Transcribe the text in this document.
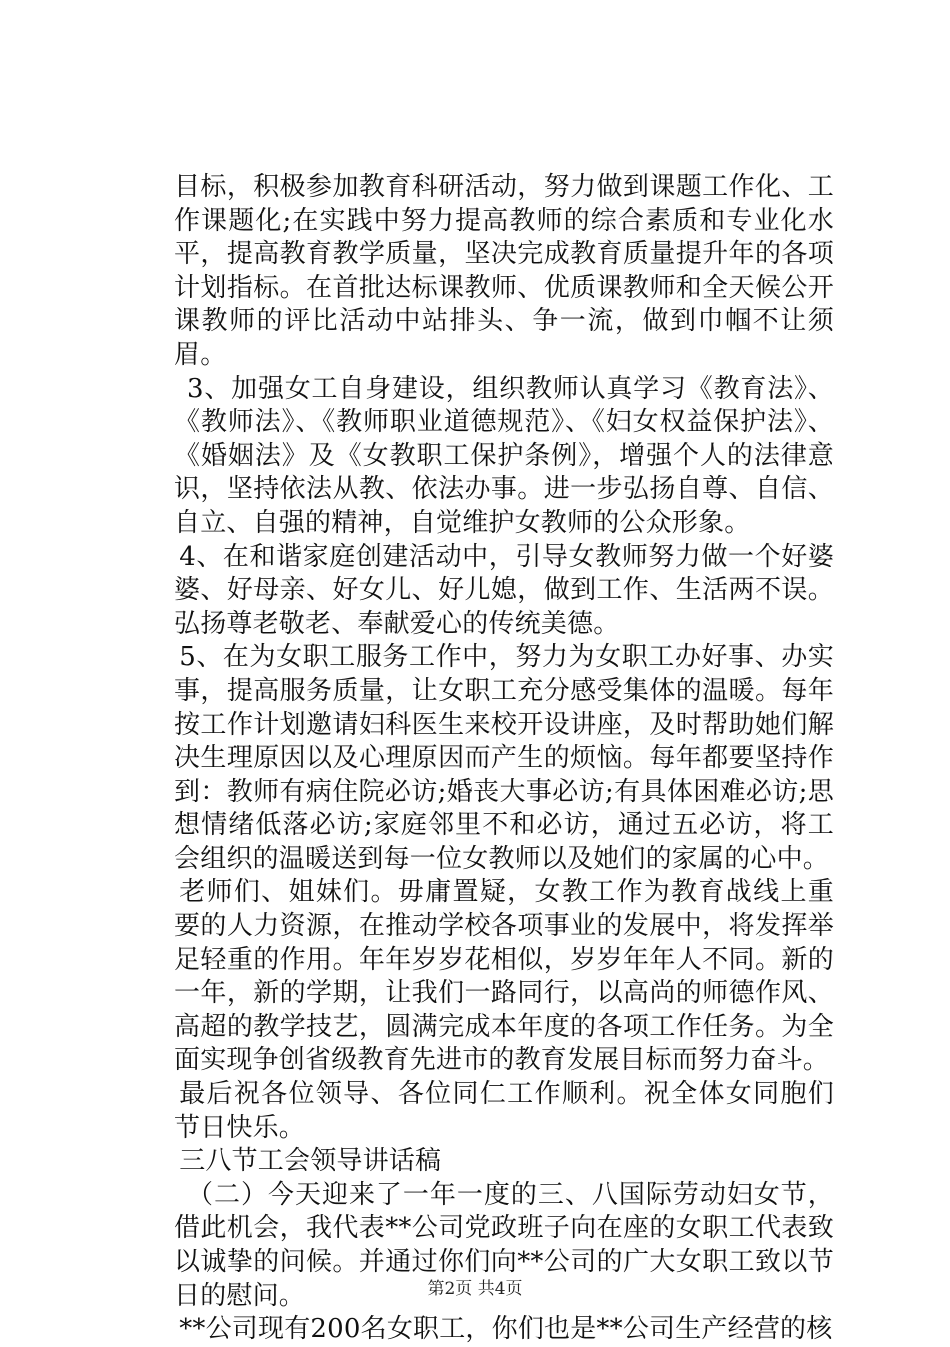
目标，积极参加教育科研活动，努力做到课题工作化、工作课题化;在实践中努力提高教师的综合素质和专业化水平，提高教育教学质量，坚决完成教育质量提升年的各项计划指标。在首批达标课教师、优质课教师和全天候公开课教师的评比活动中站排头、争一流，做到巾帼不让须眉。

3、加强女工自身建设，组织教师认真学习《教育法》、《教师法》、《教师职业道德规范》、《妇女权益保护法》、《婚姻法》及《女教职工保护条例》，增强个人的法律意识，坚持依法从教、依法办事。进一步弘扬自尊、自信、自立、自强的精神，自觉维护女教师的公众形象。

4、在和谐家庭创建活动中，引导女教师努力做一个好婆婆、好母亲、好女儿、好儿媳，做到工作、生活两不误。弘扬尊老敬老、奉献爱心的传统美德。

5、在为女职工服务工作中，努力为女职工办好事、办实事，提高服务质量，让女职工充分感受集体的温暖。每年按工作计划邀请妇科医生来校开设讲座，及时帮助她们解决生理原因以及心理原因而产生的烦恼。每年都要坚持作到：教师有病住院必访;婚丧大事必访;有具体困难必访;思想情绪低落必访;家庭邻里不和必访，通过五必访，将工会组织的温暖送到每一位女教师以及她们的家属的心中。

老师们、姐妹们。毋庸置疑，女教工作为教育战线上重要的人力资源，在推动学校各项事业的发展中，将发挥举足轻重的作用。年年岁岁花相似，岁岁年年人不同。新的一年，新的学期，让我们一路同行，以高尚的师德作风、高超的教学技艺，圆满完成本年度的各项工作任务。为全面实现争创省级教育先进市的教育发展目标而努力奋斗。

最后祝各位领导、各位同仁工作顺利。祝全体女同胞们节日快乐。

三八节工会领导讲话稿

（二）今天迎来了一年一度的三、八国际劳动妇女节，借此机会，我代表**公司党政班子向在座的女职工代表致以诚挚的问候。并通过你们向**公司的广大女职工致以节日的慰问。

**公司现有200名女职工，你们也是**公司生产经营的核

第2页 共4页
